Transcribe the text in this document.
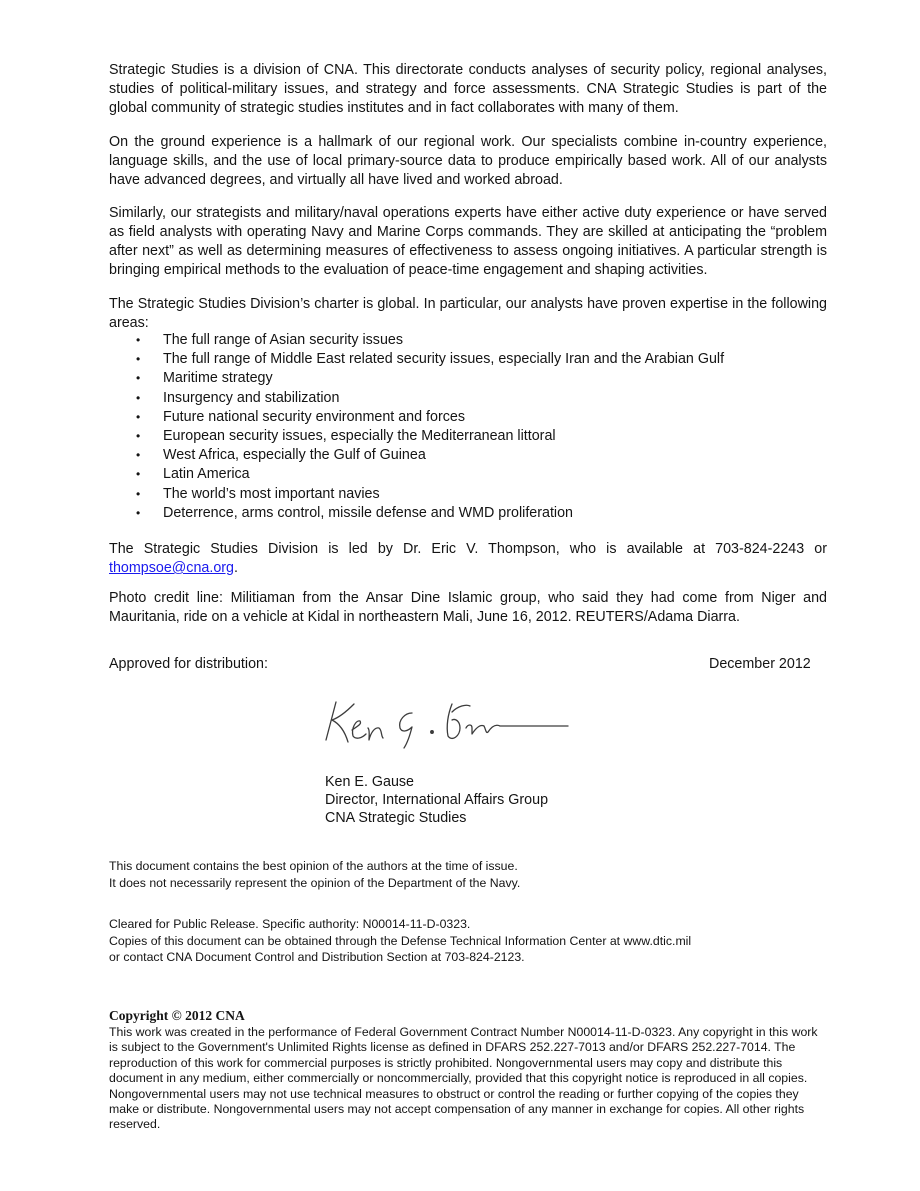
Strategic Studies is a division of CNA. This directorate conducts analyses of security policy, regional analyses, studies of political-military issues, and strategy and force assessments. CNA Strategic Studies is part of the global community of strategic studies institutes and in fact collaborates with many of them.

On the ground experience is a hallmark of our regional work. Our specialists combine in-country experience, language skills, and the use of local primary-source data to produce empirically based work. All of our analysts have advanced degrees, and virtually all have lived and worked abroad.

Similarly, our strategists and military/naval operations experts have either active duty experience or have served as field analysts with operating Navy and Marine Corps commands. They are skilled at anticipating the “problem after next” as well as determining measures of effectiveness to assess ongoing initiatives. A particular strength is bringing empirical methods to the evaluation of peace-time engagement and shaping activities.

The Strategic Studies Division’s charter is global. In particular, our analysts have proven expertise in the following areas:

• The full range of Asian security issues
• The full range of Middle East related security issues, especially Iran and the Arabian Gulf
• Maritime strategy
• Insurgency and stabilization
• Future national security environment and forces
• European security issues, especially the Mediterranean littoral
• West Africa, especially the Gulf of Guinea
• Latin America
• The world’s most important navies
• Deterrence, arms control, missile defense and WMD proliferation

The Strategic Studies Division is led by Dr. Eric V. Thompson, who is available at 703-824-2243 or thompsoe@cna.org.

Photo credit line: Militiaman from the Ansar Dine Islamic group, who said they had come from Niger and Mauritania, ride on a vehicle at Kidal in northeastern Mali, June 16, 2012. REUTERS/Adama Diarra.

Approved for distribution:	December 2012
Ken E. Gause
Director, International Affairs Group
CNA Strategic Studies
This document contains the best opinion of the authors at the time of issue.
It does not necessarily represent the opinion of the Department of the Navy.
Cleared for Public Release. Specific authority: N00014-11-D-0323.
Copies of this document can be obtained through the Defense Technical Information Center at www.dtic.mil
or contact CNA Document Control and Distribution Section at 703-824-2123.
Copyright © 2012 CNA

This work was created in the performance of Federal Government Contract Number N00014-11-D-0323. Any copyright in this work is subject to the Government's Unlimited Rights license as defined in DFARS 252.227-7013 and/or DFARS 252.227-7014. The reproduction of this work for commercial purposes is strictly prohibited. Nongovernmental users may copy and distribute this document in any medium, either commercially or noncommercially, provided that this copyright notice is reproduced in all copies. Nongovernmental users may not use technical measures to obstruct or control the reading or further copying of the copies they make or distribute. Nongovernmental users may not accept compensation of any manner in exchange for copies. All other rights reserved.
